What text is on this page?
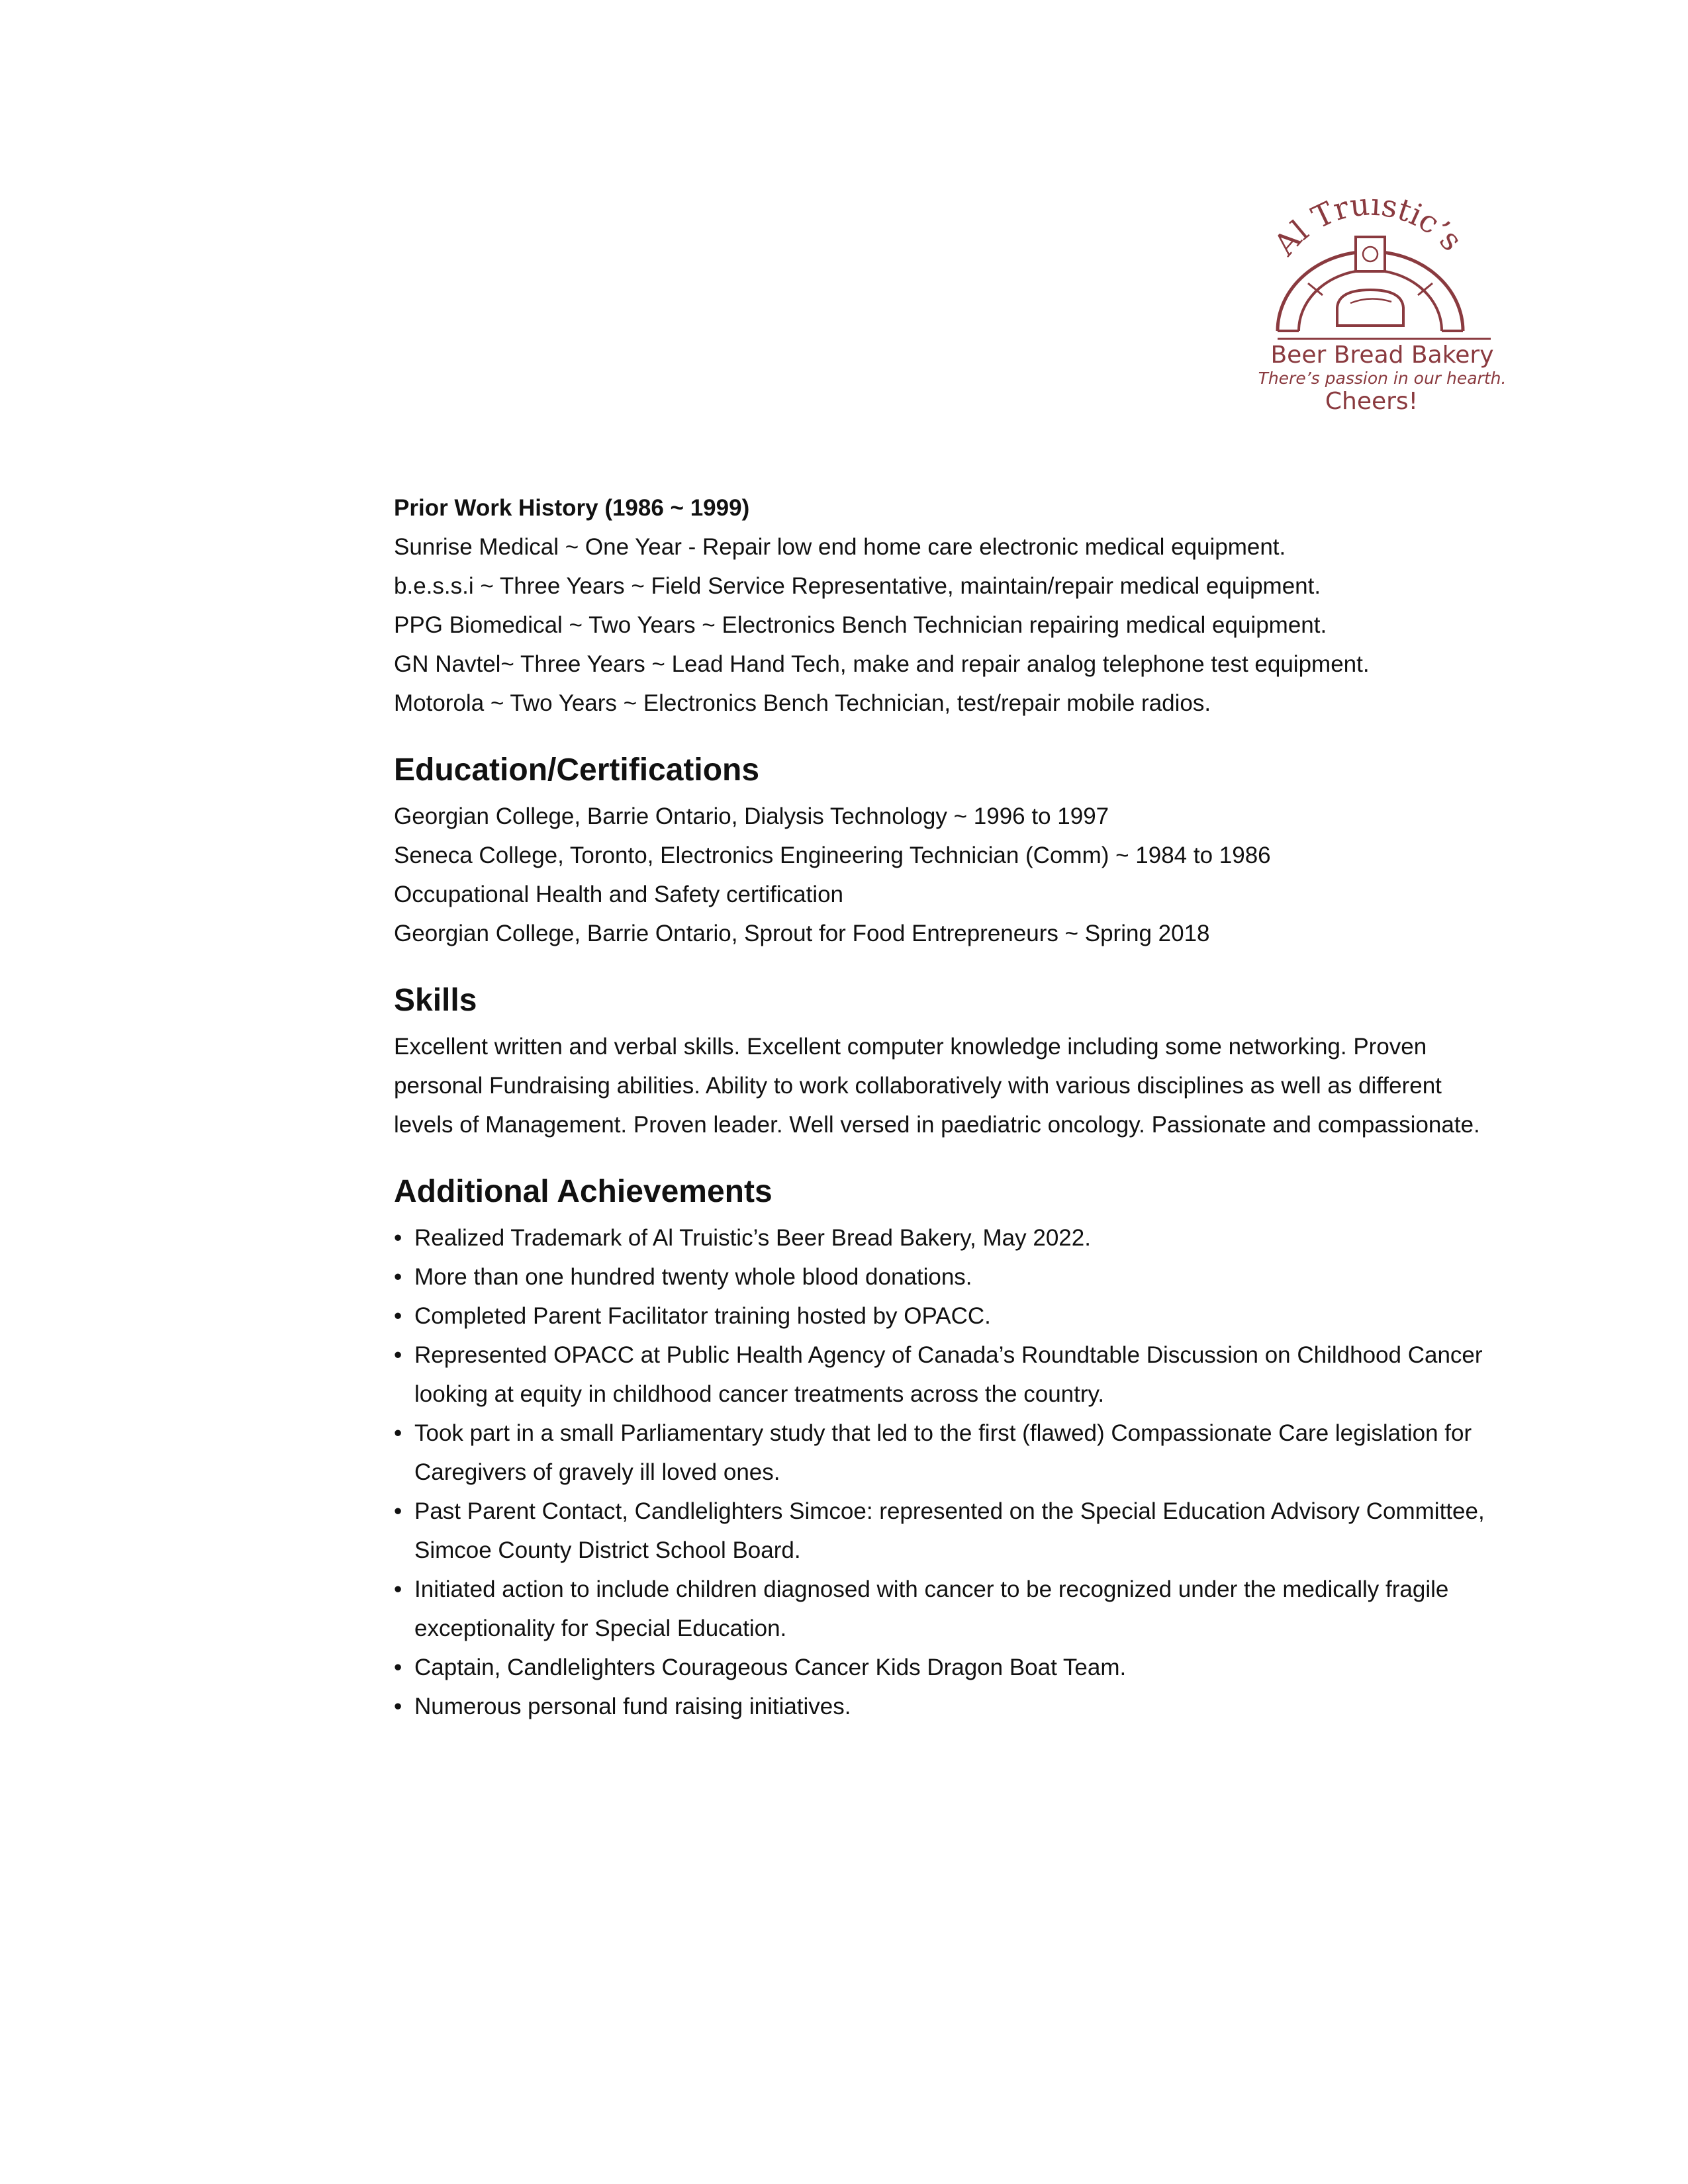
Al Truistic’s
Beer Bread Bakery
There’s passion in our hearth.
Cheers!
Prior Work History (1986 ~ 1999)
Sunrise Medical ~ One Year - Repair low end home care electronic medical equipment.
b.e.s.s.i ~ Three Years ~ Field Service Representative, maintain/repair medical equipment.
PPG Biomedical ~ Two Years ~ Electronics Bench Technician repairing medical equipment.
GN Navtel~ Three Years ~ Lead Hand Tech, make and repair analog telephone test equipment.
Motorola ~ Two Years ~ Electronics Bench Technician, test/repair mobile radios.
Education/Certifications
Georgian College, Barrie Ontario, Dialysis Technology ~ 1996 to 1997
Seneca College, Toronto, Electronics Engineering Technician (Comm) ~ 1984 to 1986
Occupational Health and Safety certification
Georgian College, Barrie Ontario, Sprout for Food Entrepreneurs ~ Spring 2018
Skills
Excellent written and verbal skills. Excellent computer knowledge including some networking. Proven personal Fundraising abilities. Ability to work collaboratively with various disciplines as well as different levels of Management. Proven leader. Well versed in paediatric oncology. Passionate and compassionate.
Additional Achievements
• Realized Trademark of Al Truistic’s Beer Bread Bakery, May 2022.
• More than one hundred twenty whole blood donations.
• Completed Parent Facilitator training hosted by OPACC.
• Represented OPACC at Public Health Agency of Canada’s Roundtable Discussion on Childhood Cancer looking at equity in childhood cancer treatments across the country.
• Took part in a small Parliamentary study that led to the first (flawed) Compassionate Care legislation for Caregivers of gravely ill loved ones.
• Past Parent Contact, Candlelighters Simcoe: represented on the Special Education Advisory Committee, Simcoe County District School Board.
• Initiated action to include children diagnosed with cancer to be recognized under the medically fragile exceptionality for Special Education.
• Captain, Candlelighters Courageous Cancer Kids Dragon Boat Team.
• Numerous personal fund raising initiatives.
